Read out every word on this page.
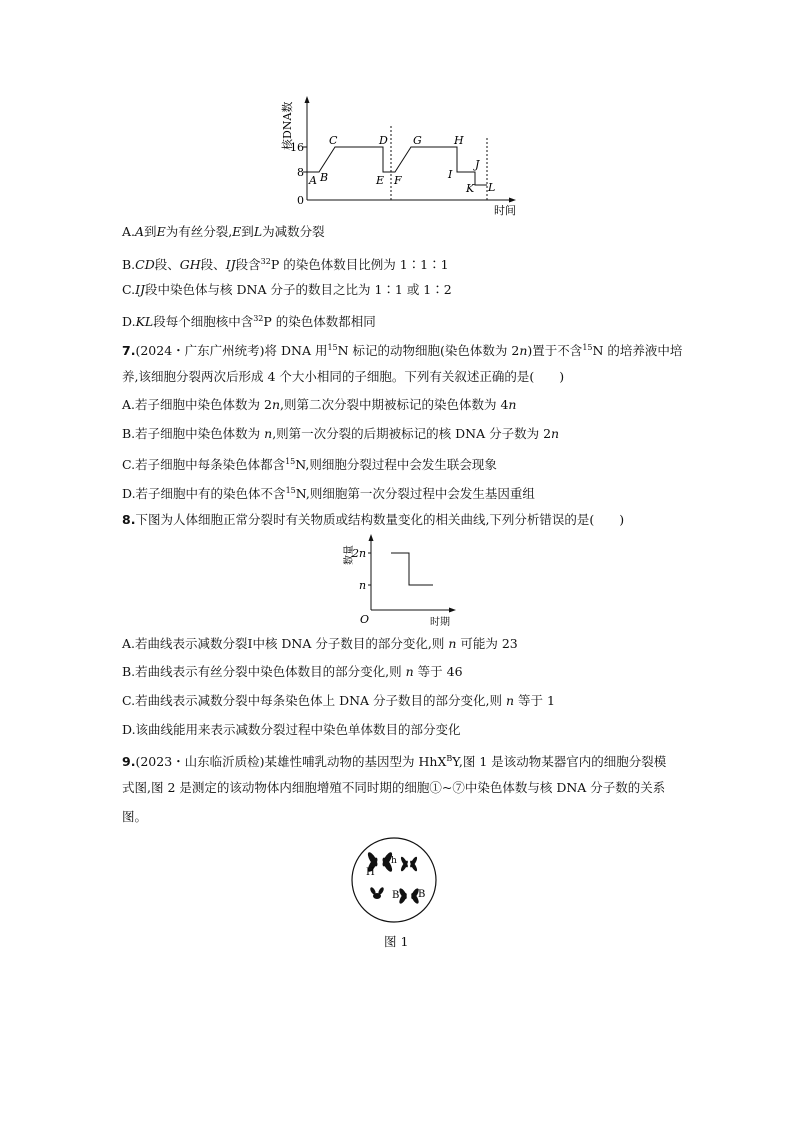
核DNA数
16
8
0
A B
C	D
E F
G	H
I
J
K L
时间
A.A到E为有丝分裂,E到L为减数分裂
B.CD段、GH段、IJ段含$^{32}$P 的染色体数目比例为 1∶1∶1
C.IJ段中染色体与核 DNA 分子的数目之比为 1∶1 或 1∶2
D.KL段每个细胞核中含$^{32}$P 的染色体数都相同
7.(2024・广东广州统考)将 DNA 用$^{15}$N 标记的动物细胞(染色体数为 2n)置于不含$^{15}$N 的培养液中培
养,该细胞分裂两次后形成 4 个大小相同的子细胞。下列有关叙述正确的是(　　)
A.若子细胞中染色体数为 2n,则第二次分裂中期被标记的染色体数为 4n
B.若子细胞中染色体数为 n,则第一次分裂的后期被标记的核 DNA 分子数为 2n
C.若子细胞中每条染色体都含$^{15}$N,则细胞分裂过程中会发生联会现象
D.若子细胞中有的染色体不含$^{15}$N,则细胞第一次分裂过程中会发生基因重组
8.下图为人体细胞正常分裂时有关物质或结构数量变化的相关曲线,下列分析错误的是(　　)
数量
2n
n
O	时期
A.若曲线表示减数分裂Ⅰ中核 DNA 分子数目的部分变化,则 n 可能为 23
B.若曲线表示有丝分裂中染色体数目的部分变化,则 n 等于 46
C.若曲线表示减数分裂中每条染色体上 DNA 分子数目的部分变化,则 n 等于 1
D.该曲线能用来表示减数分裂过程中染色单体数目的部分变化
9.(2023・山东临沂质检)某雄性哺乳动物的基因型为 HhX$^B$Y,图 1 是该动物某器官内的细胞分裂模
式图,图 2 是测定的该动物体内细胞增殖不同时期的细胞①~⑦中染色体数与核 DNA 分子数的关系
图。
H
h
B B
图 1
